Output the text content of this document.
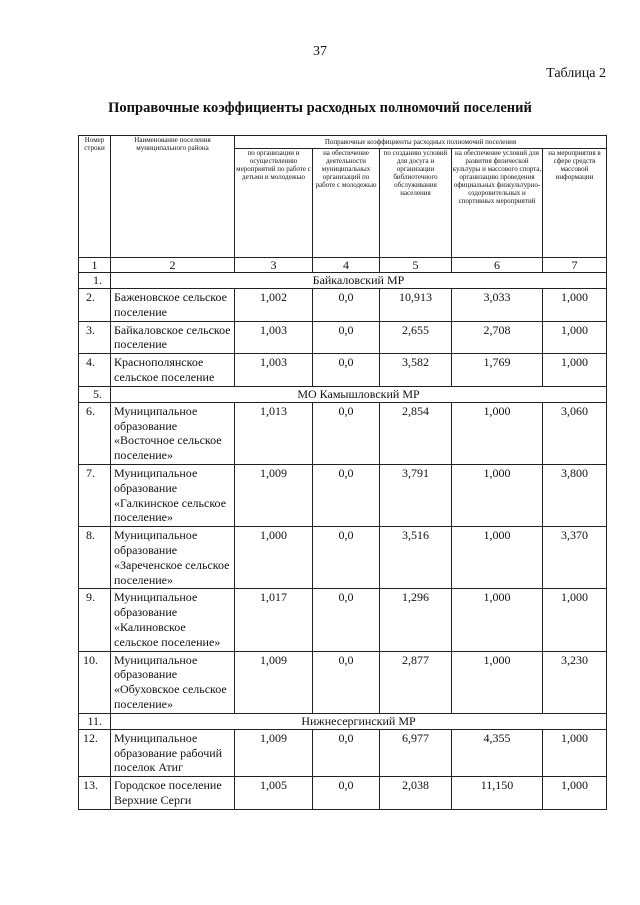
37
Таблица 2
Поправочные коэффициенты расходных полномочий поселений
Номер строки	Наименование поселения муниципального района	Поправочные коэффициенты расходных полномочий поселения				
		по организации и осуществлению мероприятий по работе с детьми и молодежью	на обеспечение деятельности муниципальных организаций по работе с молодежью	по созданию условий для досуга и организации библиотечного обслуживания населения	на обеспечение условий для развития физической культуры и массового спорта, организацию проведения официальных физкультурно-оздоровительных и спортивных мероприятий	на мероприятия в сфере средств массовой информации
1	2	3	4	5	6	7
1.	Байкаловский МР					
2.	Баженовское сельское поселение	1,002	0,0	10,913	3,033	1,000
3.	Байкаловское сельское поселение	1,003	0,0	2,655	2,708	1,000
4.	Краснополянское сельское поселение	1,003	0,0	3,582	1,769	1,000
5.	МО Камышловский МР					
6.	Муниципальное образование «Восточное сельское поселение»	1,013	0,0	2,854	1,000	3,060
7.	Муниципальное образование «Галкинское сельское поселение»	1,009	0,0	3,791	1,000	3,800
8.	Муниципальное образование «Зареченское сельское поселение»	1,000	0,0	3,516	1,000	3,370
9.	Муниципальное образование «Калиновское сельское поселение»	1,017	0,0	1,296	1,000	1,000
10.	Муниципальное образование «Обуховское сельское поселение»	1,009	0,0	2,877	1,000	3,230
11.	Нижнесергинский МР					
12.	Муниципальное образование рабочий поселок Атиг	1,009	0,0	6,977	4,355	1,000
13.	Городское поселение Верхние Серги	1,005	0,0	2,038	11,150	1,000
